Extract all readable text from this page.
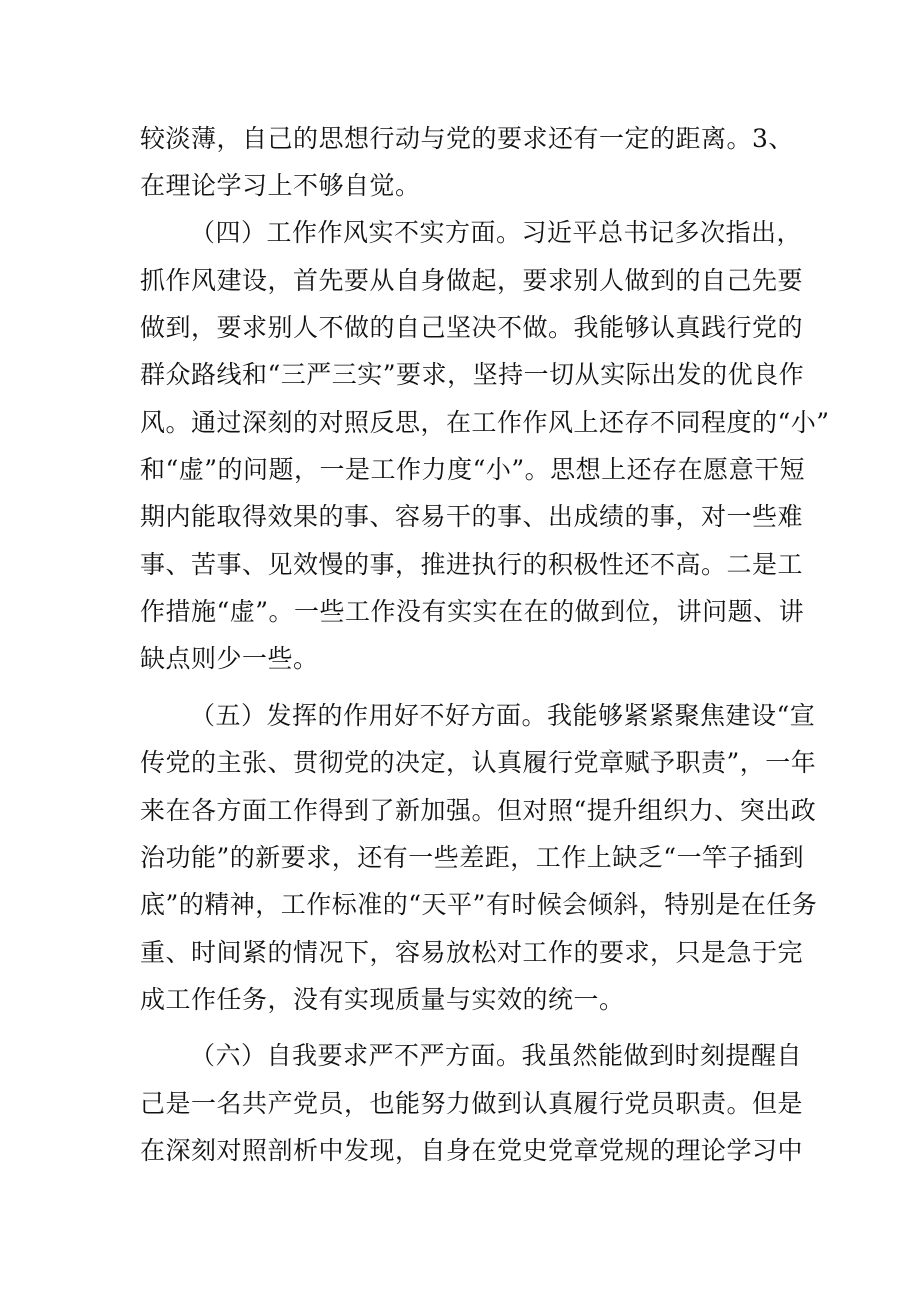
较淡薄，自己的思想行动与党的要求还有一定的距离。3、
在理论学习上不够自觉。
（四）工作作风实不实方面。习近平总书记多次指出，
抓作风建设，首先要从自身做起，要求别人做到的自己先要
做到，要求别人不做的自己坚决不做。我能够认真践行党的
群众路线和“三严三实”要求，坚持一切从实际出发的优良作
风。通过深刻的对照反思，在工作作风上还存不同程度的“小”
和“虚”的问题，一是工作力度“小”。思想上还存在愿意干短
期内能取得效果的事、容易干的事、出成绩的事，对一些难
事、苦事、见效慢的事，推进执行的积极性还不高。二是工
作措施“虚”。一些工作没有实实在在的做到位，讲问题、讲
缺点则少一些。
（五）发挥的作用好不好方面。我能够紧紧聚焦建设“宣
传党的主张、贯彻党的决定，认真履行党章赋予职责”，一年
来在各方面工作得到了新加强。但对照“提升组织力、突出政
治功能”的新要求，还有一些差距，工作上缺乏“一竿子插到
底”的精神，工作标准的“天平”有时候会倾斜，特别是在任务
重、时间紧的情况下，容易放松对工作的要求，只是急于完
成工作任务，没有实现质量与实效的统一。
（六）自我要求严不严方面。我虽然能做到时刻提醒自
己是一名共产党员，也能努力做到认真履行党员职责。但是
在深刻对照剖析中发现，自身在党史党章党规的理论学习中
